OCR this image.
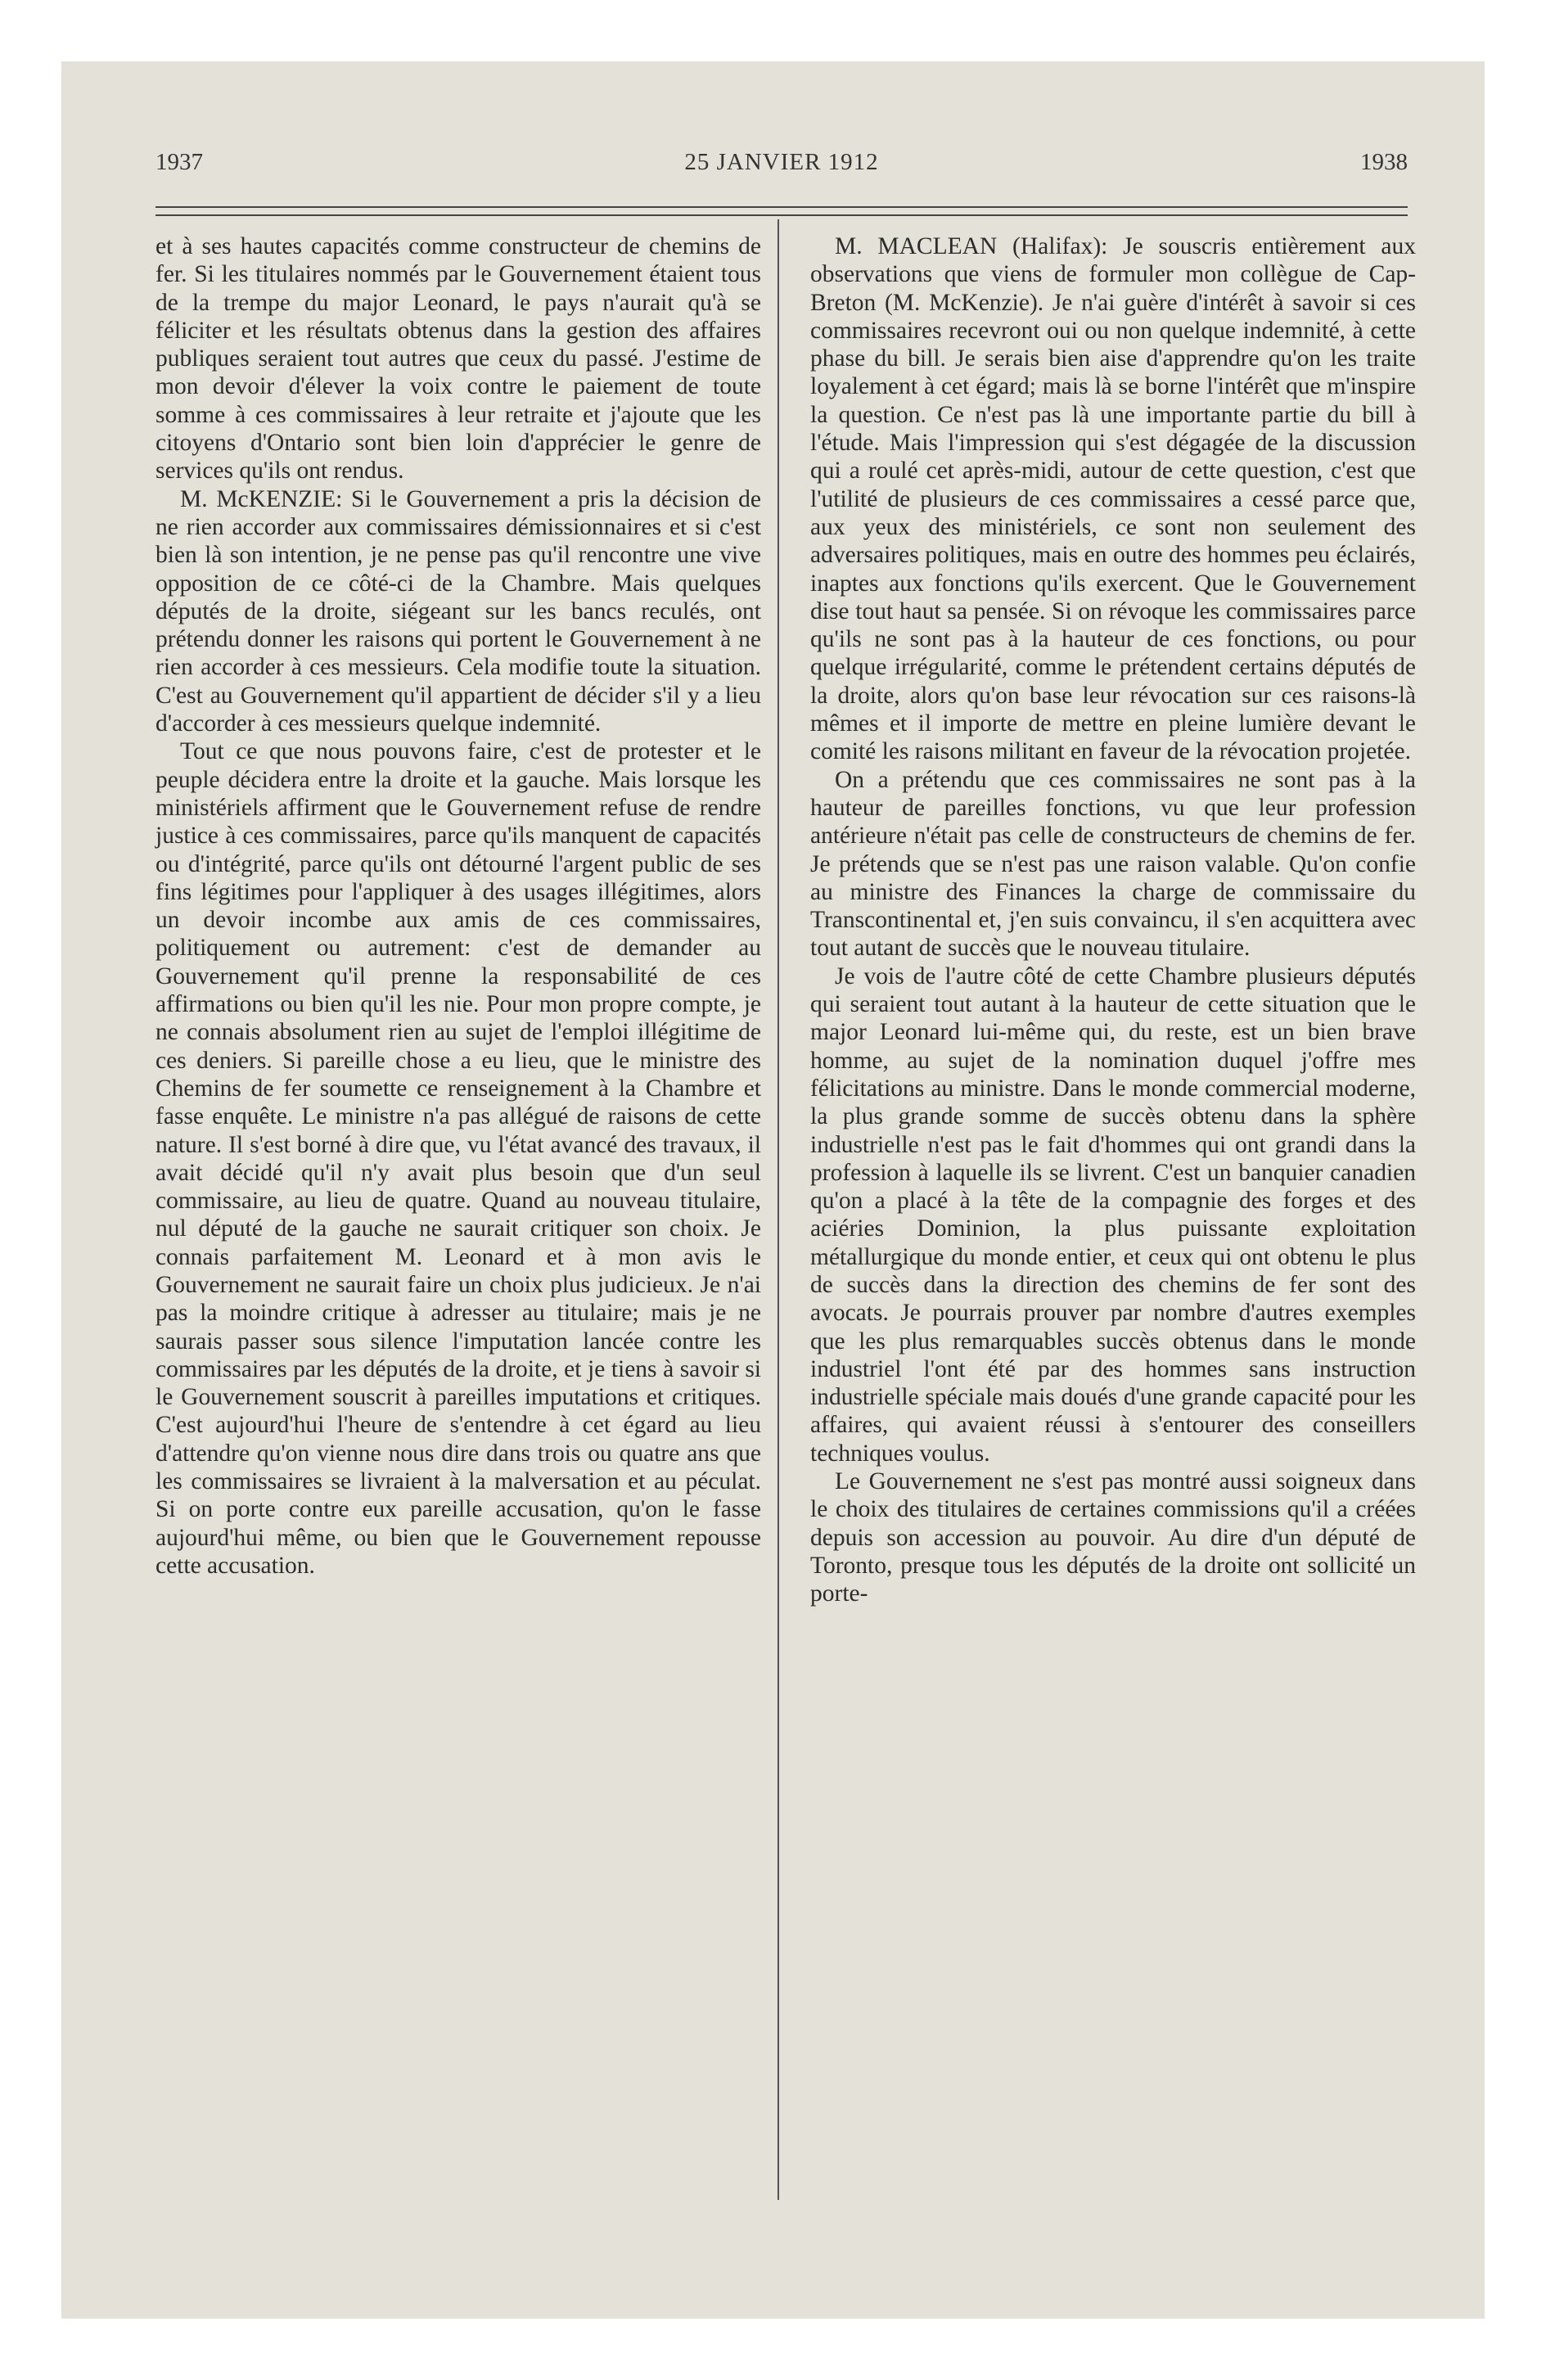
1937	25 JANVIER 1912	1938

et à ses hautes capacités comme constructeur de chemins de fer. Si les titulaires nommés par le Gouvernement étaient tous de la trempe du major Leonard, le pays n'aurait qu'à se féliciter et les résultats obtenus dans la gestion des affaires publiques seraient tout autres que ceux du passé. J'estime de mon devoir d'élever la voix contre le paiement de toute somme à ces commissaires à leur retraite et j'ajoute que les citoyens d'Ontario sont bien loin d'apprécier le genre de services qu'ils ont rendus.

M. McKENZIE: Si le Gouvernement a pris la décision de ne rien accorder aux commissaires démissionnaires et si c'est bien là son intention, je ne pense pas qu'il rencontre une vive opposition de ce côté-ci de la Chambre. Mais quelques députés de la droite, siégeant sur les bancs reculés, ont prétendu donner les raisons qui portent le Gouvernement à ne rien accorder à ces messieurs. Cela modifie toute la situation. C'est au Gouvernement qu'il appartient de décider s'il y a lieu d'accorder à ces messieurs quelque indemnité.

Tout ce que nous pouvons faire, c'est de protester et le peuple décidera entre la droite et la gauche. Mais lorsque les ministériels affirment que le Gouvernement refuse de rendre justice à ces commissaires, parce qu'ils manquent de capacités ou d'intégrité, parce qu'ils ont détourné l'argent public de ses fins légitimes pour l'appliquer à des usages illégitimes, alors un devoir incombe aux amis de ces commissaires, politiquement ou autrement: c'est de demander au Gouvernement qu'il prenne la responsabilité de ces affirmations ou bien qu'il les nie. Pour mon propre compte, je ne connais absolument rien au sujet de l'emploi illégitime de ces deniers. Si pareille chose a eu lieu, que le ministre des Chemins de fer soumette ce renseignement à la Chambre et fasse enquête. Le ministre n'a pas allégué de raisons de cette nature. Il s'est borné à dire que, vu l'état avancé des travaux, il avait décidé qu'il n'y avait plus besoin que d'un seul commissaire, au lieu de quatre. Quand au nouveau titulaire, nul député de la gauche ne saurait critiquer son choix. Je connais parfaitement M. Leonard et à mon avis le Gouvernement ne saurait faire un choix plus judicieux. Je n'ai pas la moindre critique à adresser au titulaire; mais je ne saurais passer sous silence l'imputation lancée contre les commissaires par les députés de la droite, et je tiens à savoir si le Gouvernement souscrit à pareilles imputations et critiques. C'est aujourd'hui l'heure de s'entendre à cet égard au lieu d'attendre qu'on vienne nous dire dans trois ou quatre ans que les commissaires se livraient à la malversation et au péculat. Si on porte contre eux pareille accusation, qu'on le fasse aujourd'hui même, ou bien que le Gouvernement repousse cette accusation.

M. MACLEAN (Halifax): Je souscris entièrement aux observations que viens de formuler mon collègue de Cap-Breton (M. McKenzie). Je n'ai guère d'intérêt à savoir si ces commissaires recevront oui ou non quelque indemnité, à cette phase du bill. Je serais bien aise d'apprendre qu'on les traite loyalement à cet égard; mais là se borne l'intérêt que m'inspire la question. Ce n'est pas là une importante partie du bill à l'étude. Mais l'impression qui s'est dégagée de la discussion qui a roulé cet après-midi, autour de cette question, c'est que l'utilité de plusieurs de ces commissaires a cessé parce que, aux yeux des ministériels, ce sont non seulement des adversaires politiques, mais en outre des hommes peu éclairés, inaptes aux fonctions qu'ils exercent. Que le Gouvernement dise tout haut sa pensée. Si on révoque les commissaires parce qu'ils ne sont pas à la hauteur de ces fonctions, ou pour quelque irrégularité, comme le prétendent certains députés de la droite, alors qu'on base leur révocation sur ces raisons-là mêmes et il importe de mettre en pleine lumière devant le comité les raisons militant en faveur de la révocation projetée.

On a prétendu que ces commissaires ne sont pas à la hauteur de pareilles fonctions, vu que leur profession antérieure n'était pas celle de constructeurs de chemins de fer. Je prétends que se n'est pas une raison valable. Qu'on confie au ministre des Finances la charge de commissaire du Transcontinental et, j'en suis convaincu, il s'en acquittera avec tout autant de succès que le nouveau titulaire.

Je vois de l'autre côté de cette Chambre plusieurs députés qui seraient tout autant à la hauteur de cette situation que le major Leonard lui-même qui, du reste, est un bien brave homme, au sujet de la nomination duquel j'offre mes félicitations au ministre. Dans le monde commercial moderne, la plus grande somme de succès obtenu dans la sphère industrielle n'est pas le fait d'hommes qui ont grandi dans la profession à laquelle ils se livrent. C'est un banquier canadien qu'on a placé à la tête de la compagnie des forges et des aciéries Dominion, la plus puissante exploitation métallurgique du monde entier, et ceux qui ont obtenu le plus de succès dans la direction des chemins de fer sont des avocats. Je pourrais prouver par nombre d'autres exemples que les plus remarquables succès obtenus dans le monde industriel l'ont été par des hommes sans instruction industrielle spéciale mais doués d'une grande capacité pour les affaires, qui avaient réussi à s'entourer des conseillers techniques voulus.

Le Gouvernement ne s'est pas montré aussi soigneux dans le choix des titulaires de certaines commissions qu'il a créées depuis son accession au pouvoir. Au dire d'un député de Toronto, presque tous les députés de la droite ont sollicité un porte-
